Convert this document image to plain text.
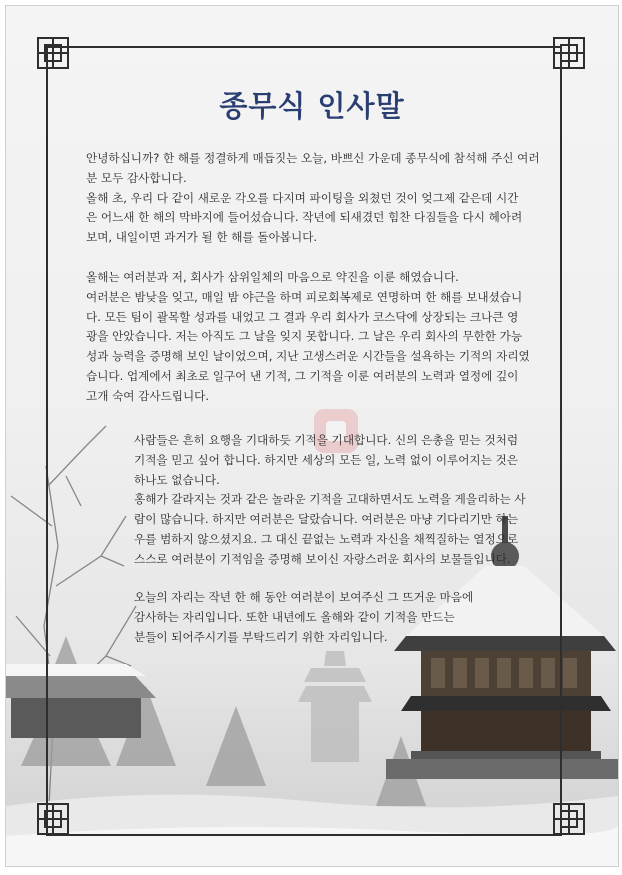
종무식 인사말
안녕하십니까? 한 해를 정결하게 매듭짓는 오늘, 바쁘신 가운데 종무식에 참석해 주신 여러
분 모두 감사합니다.
올해 초, 우리 다 같이 새로운 각오를 다지며 파이팅을 외쳤던 것이 엊그제 같은데 시간
은 어느새 한 해의 막바지에 들어섰습니다. 작년에 되새겼던 힘찬 다짐들을 다시 헤아려
보며, 내일이면 과거가 될 한 해를 돌아봅니다.
올해는 여러분과 저, 회사가 삼위일체의 마음으로 약진을 이룬 해였습니다.
여러분은 밤낮을 잊고, 매일 밤 야근을 하며 피로회복제로 연명하며 한 해를 보내셨습니
다. 모든 팀이 괄목할 성과를 내었고 그 결과 우리 회사가 코스닥에 상장되는 크나큰 영
광을 안았습니다. 저는 아직도 그 날을 잊지 못합니다. 그 날은 우리 회사의 무한한 가능
성과 능력을 증명해 보인 날이었으며, 지난 고생스러운 시간들을 설욕하는 기적의 자리였
습니다. 업계에서 최초로 일구어 낸 기적, 그 기적을 이룬 여러분의 노력과 열정에 깊이
고개 숙여 감사드립니다.
사람들은 흔히 요행을 기대하듯 기적을 기대합니다. 신의 은총을 믿는 것처럼
기적을 믿고 싶어 합니다. 하지만 세상의 모든 일, 노력 없이 이루어지는 것은
하나도 없습니다.
홍해가 갈라지는 것과 같은 놀라운 기적을 고대하면서도 노력을 게을리하는 사
람이 많습니다. 하지만 여러분은 달랐습니다. 여러분은 마냥 기다리기만 하는
우를 범하지 않으셨지요. 그 대신 끝없는 노력과 자신을 채찍질하는 열정으로
스스로 여러분이 기적임을 증명해 보이신 자랑스러운 회사의 보물들입니다.
오늘의 자리는 작년 한 해 동안 여러분이 보여주신 그 뜨거운 마음에
감사하는 자리입니다. 또한 내년에도 올해와 같이 기적을 만드는
분들이 되어주시기를 부탁드리기 위한 자리입니다.
